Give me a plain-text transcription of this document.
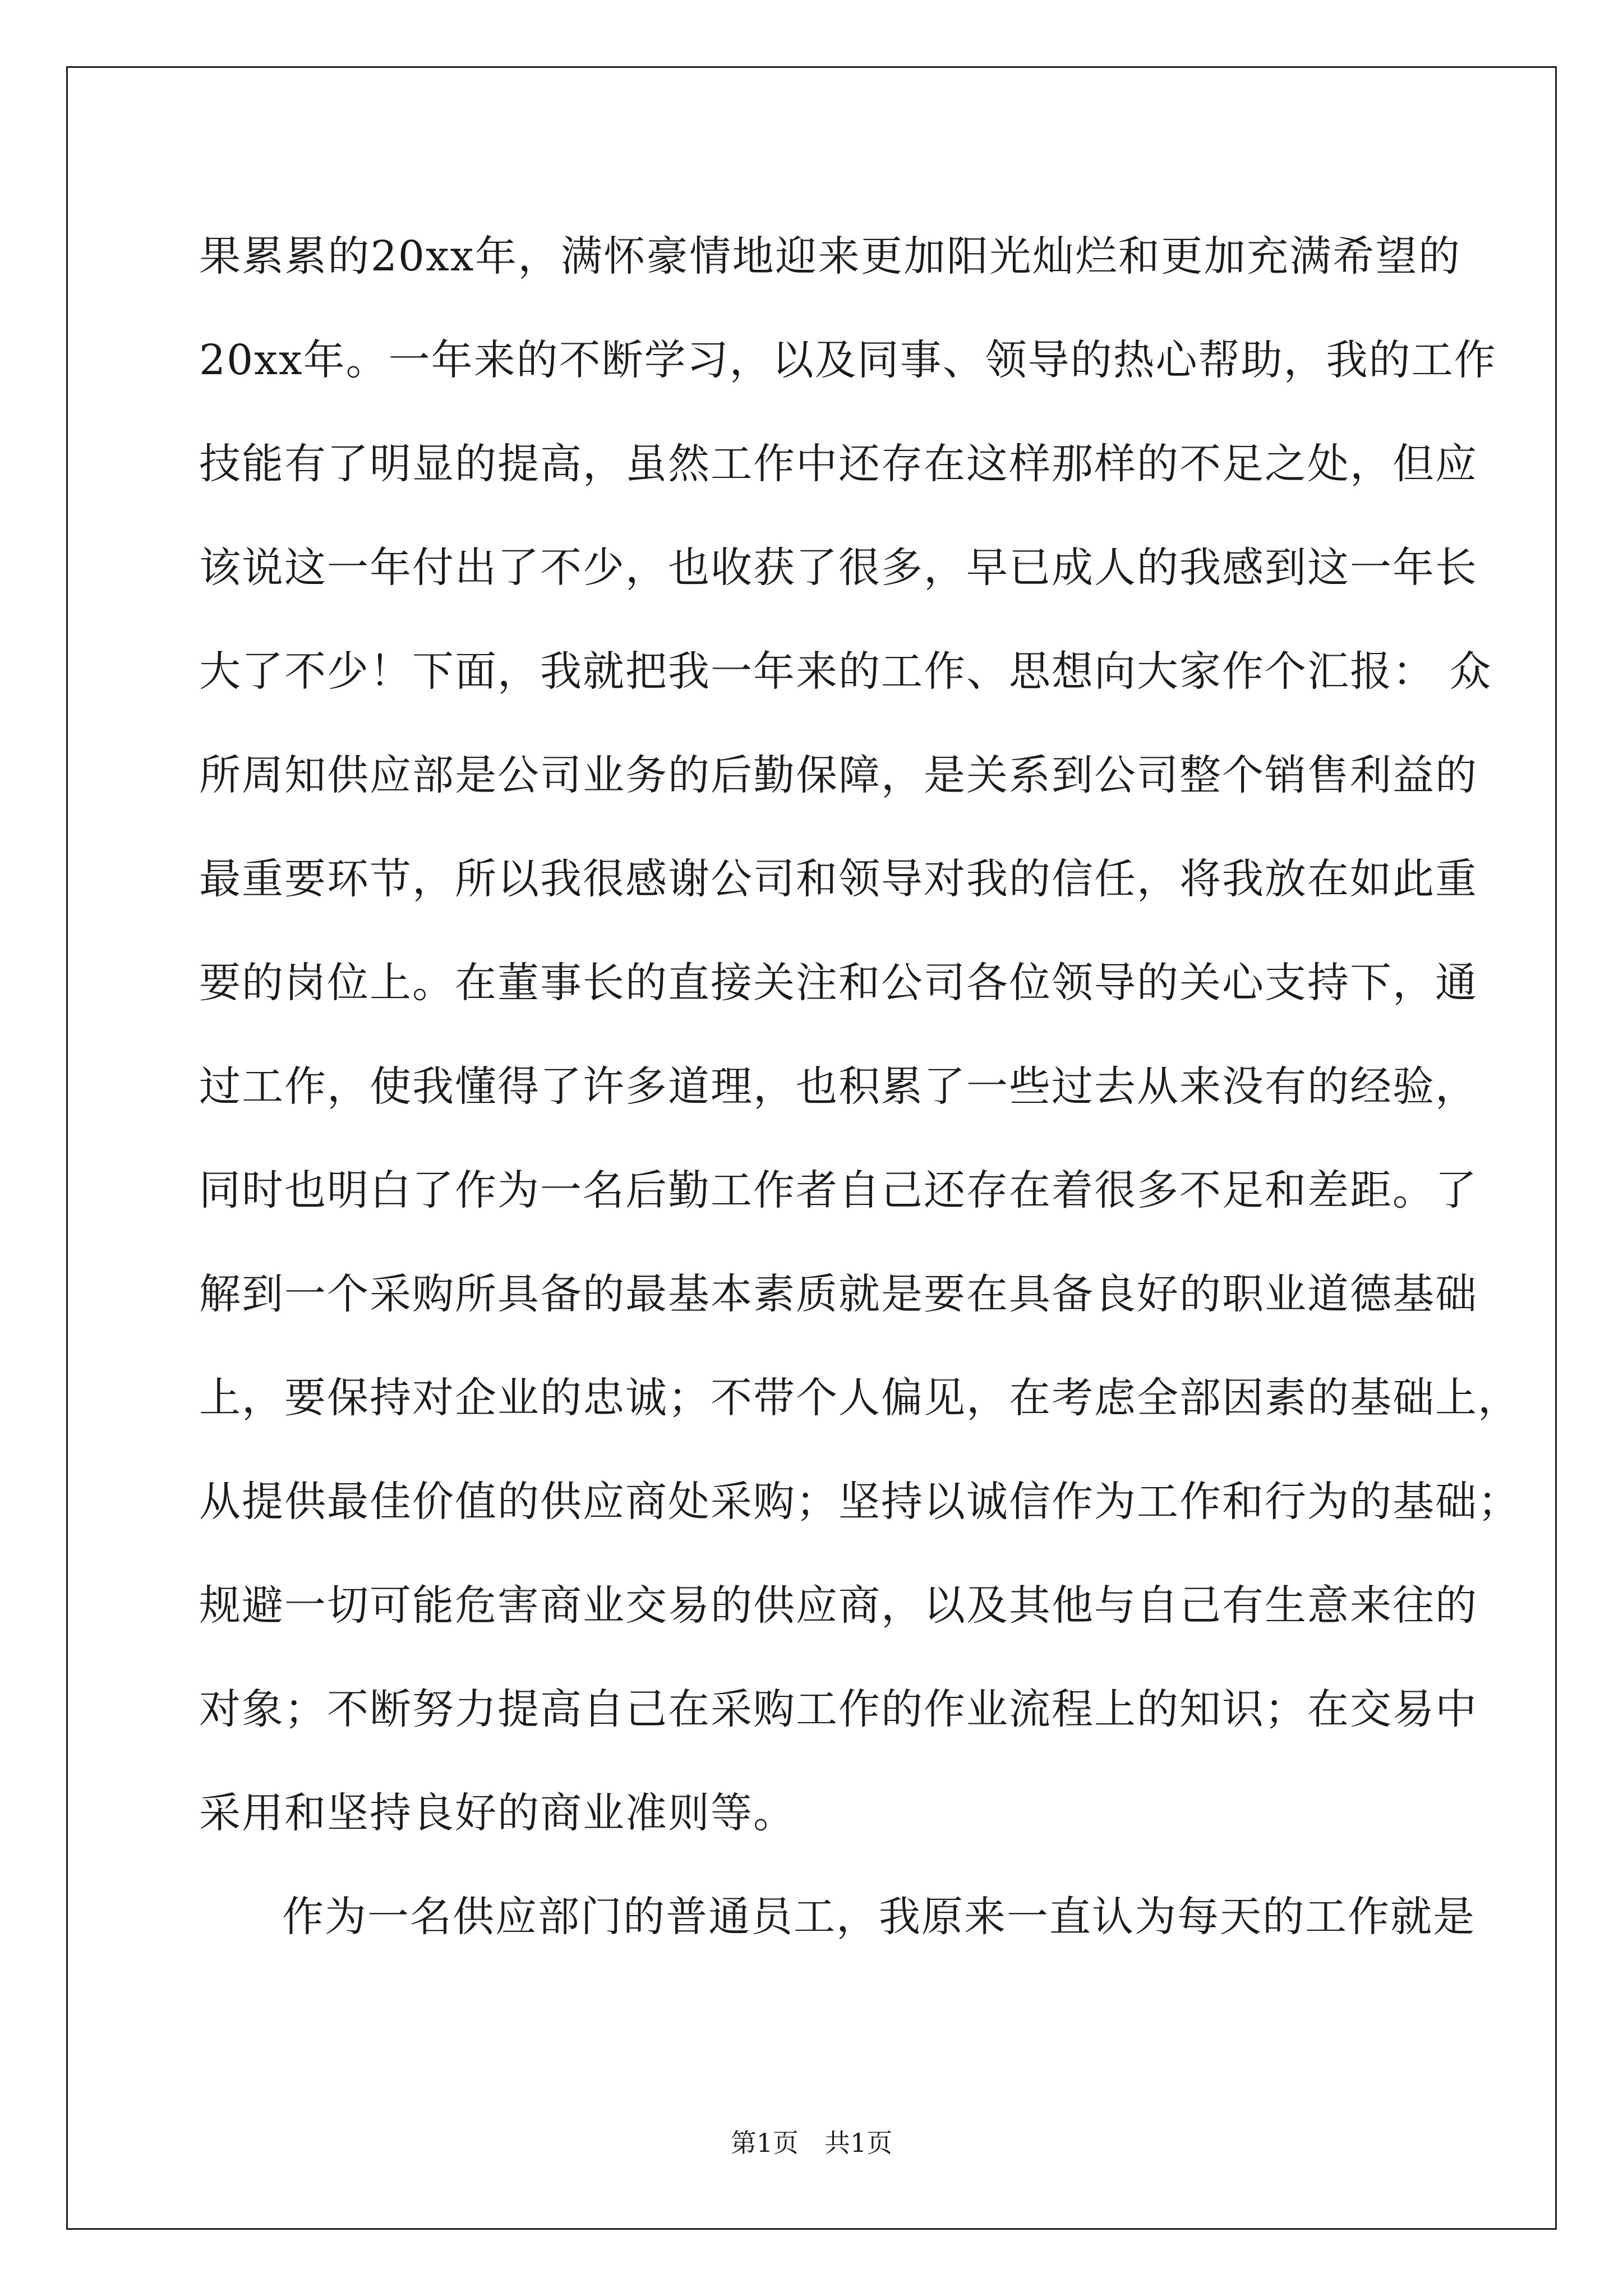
果累累的20xx年，满怀豪情地迎来更加阳光灿烂和更加充满希望的
20xx年。一年来的不断学习，以及同事、领导的热心帮助，我的工作
技能有了明显的提高，虽然工作中还存在这样那样的不足之处，但应
该说这一年付出了不少，也收获了很多，早已成人的我感到这一年长
大了不少！下面，我就把我一年来的工作、思想向大家作个汇报： 众
所周知供应部是公司业务的后勤保障，是关系到公司整个销售利益的
最重要环节，所以我很感谢公司和领导对我的信任，将我放在如此重
要的岗位上。在董事长的直接关注和公司各位领导的关心支持下，通
过工作，使我懂得了许多道理，也积累了一些过去从来没有的经验，
同时也明白了作为一名后勤工作者自己还存在着很多不足和差距。了
解到一个采购所具备的最基本素质就是要在具备良好的职业道德基础
上，要保持对企业的忠诚；不带个人偏见，在考虑全部因素的基础上，
从提供最佳价值的供应商处采购；坚持以诚信作为工作和行为的基础；
规避一切可能危害商业交易的供应商，以及其他与自己有生意来往的
对象；不断努力提高自己在采购工作的作业流程上的知识；在交易中
采用和坚持良好的商业准则等。
作为一名供应部门的普通员工，我原来一直认为每天的工作就是
第1页　共1页
